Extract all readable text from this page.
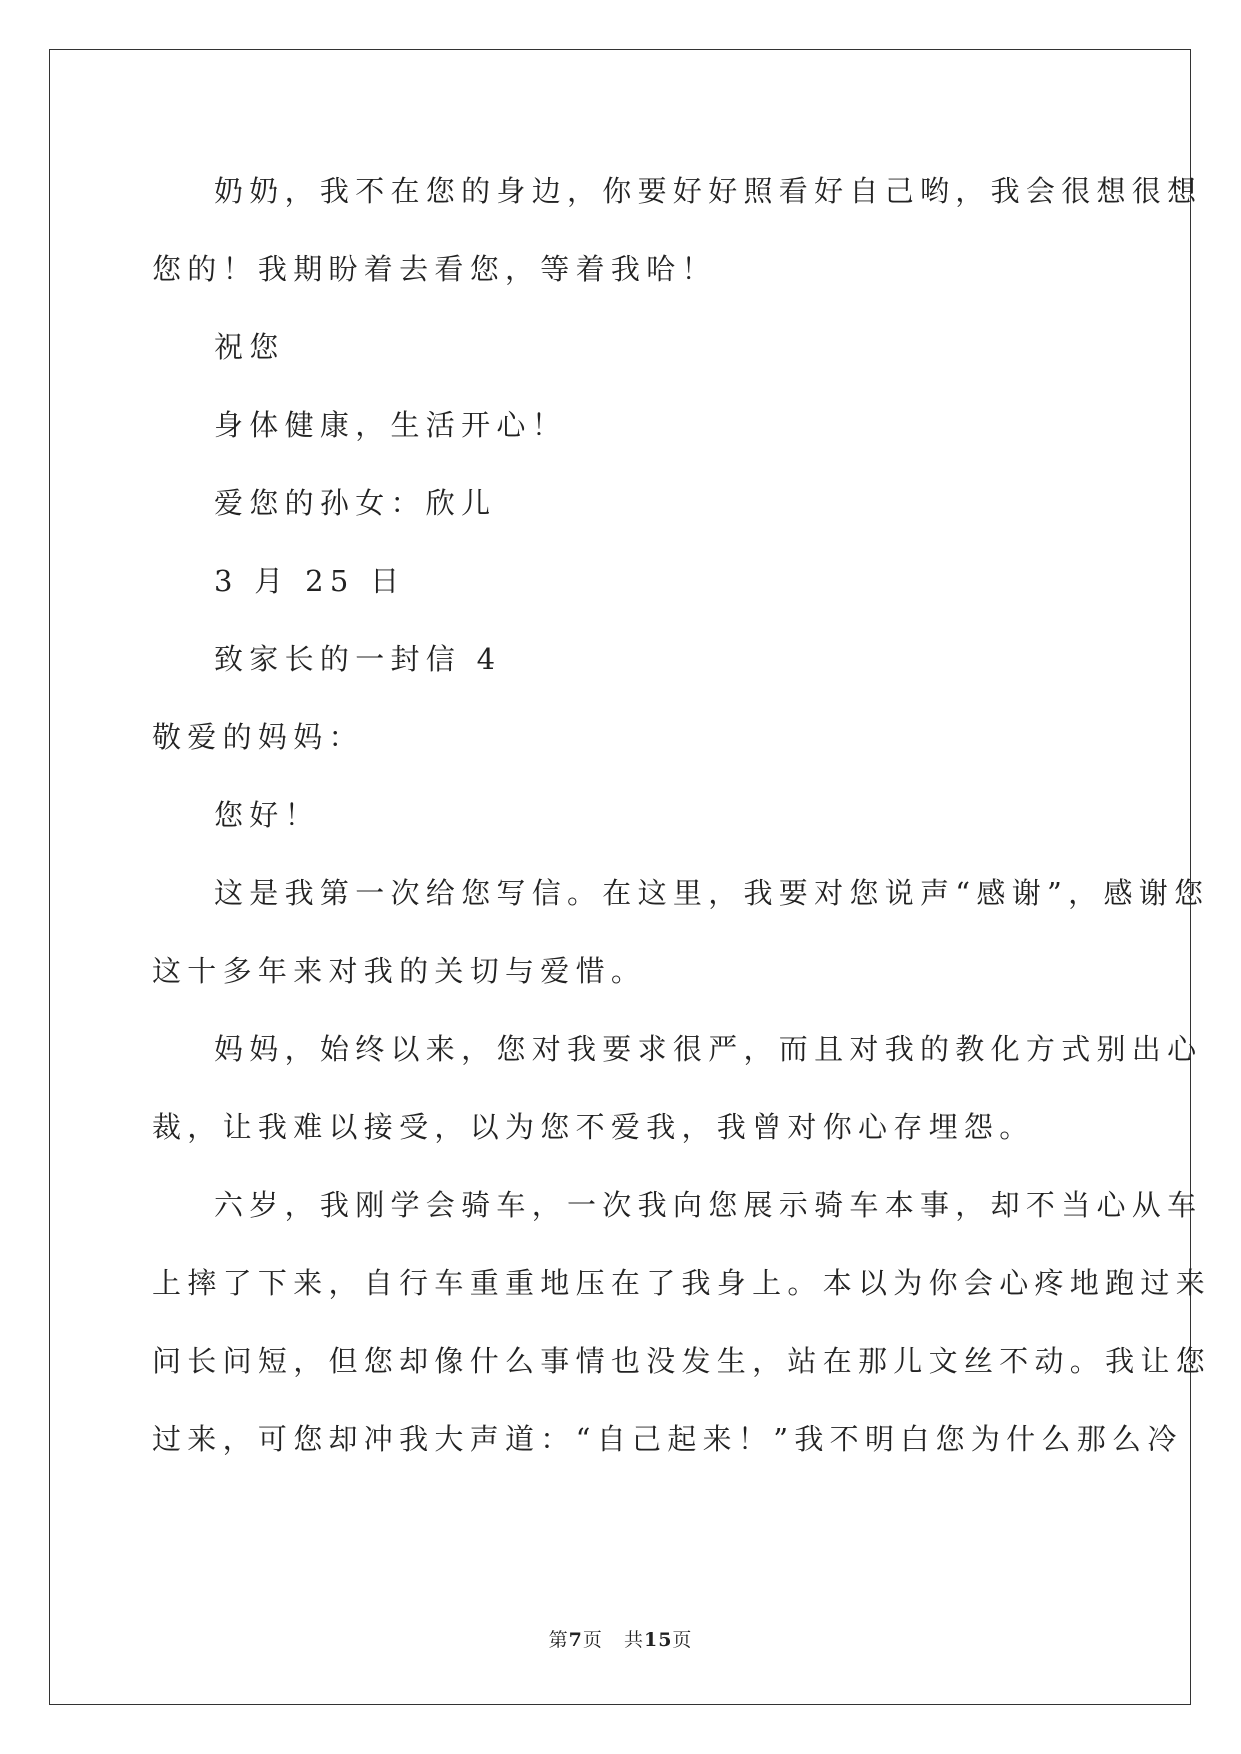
奶奶，我不在您的身边，你要好好照看好自己哟，我会很想很想
您的！我期盼着去看您，等着我哈！
祝您
身体健康，生活开心！
爱您的孙女：欣儿
3 月 25 日
致家长的一封信 4
敬爱的妈妈：
您好！
这是我第一次给您写信。在这里，我要对您说声“感谢”，感谢您
这十多年来对我的关切与爱惜。
妈妈，始终以来，您对我要求很严，而且对我的教化方式别出心
裁，让我难以接受，以为您不爱我，我曾对你心存埋怨。
六岁，我刚学会骑车，一次我向您展示骑车本事，却不当心从车
上摔了下来，自行车重重地压在了我身上。本以为你会心疼地跑过来
问长问短，但您却像什么事情也没发生，站在那儿文丝不动。我让您
过来，可您却冲我大声道：“自己起来！”我不明白您为什么那么冷
第7页 共15页
